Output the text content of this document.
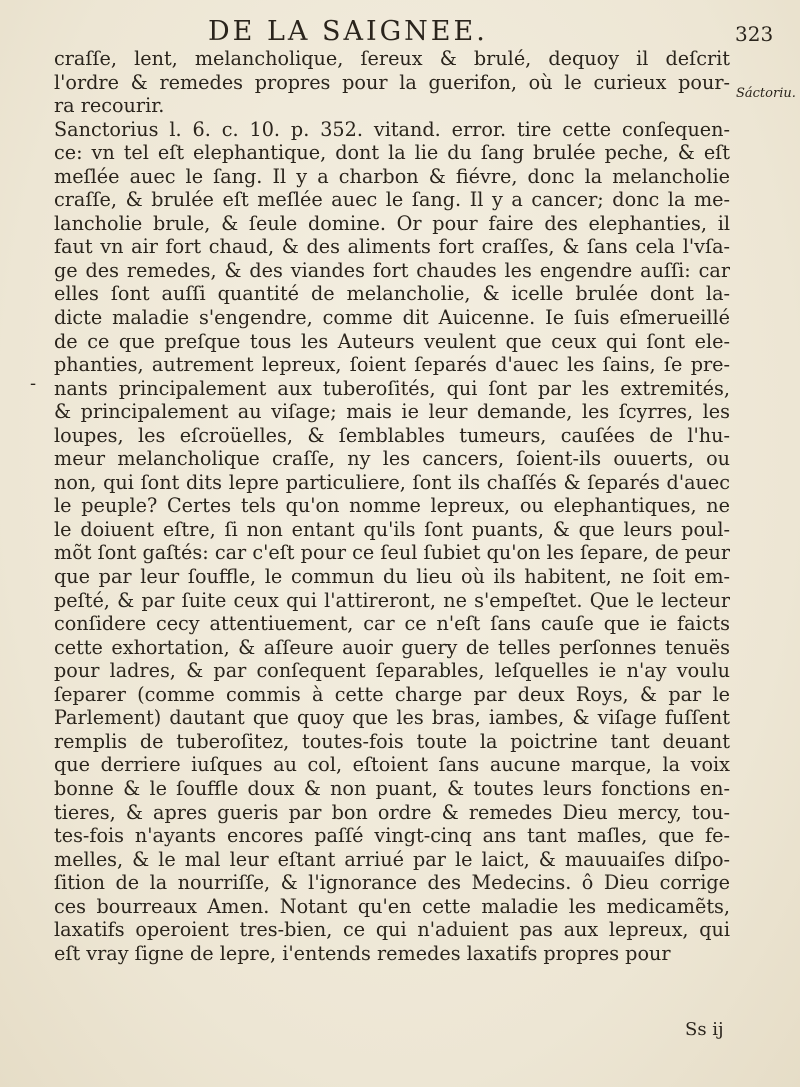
DE LA SAIGNEE.	323
Sáctoriu.
-
craſſe, lent, melancholique, ſereux & brulé, dequoy il deſcrit
l'ordre & remedes propres pour la guerifon, où le curieux pour-
ra recourir.
Sanctorius l. 6. c. 10. p. 352. vitand. error. tire cette conſequen-
ce: vn tel eſt elephantique, dont la lie du ſang brulée peche, & eſt
meſlée auec le ſang. Il y a charbon & fiévre, donc la melancholie
craſſe, & brulée eſt meſlée auec le ſang. Il y a cancer; donc la me-
lancholie brule, & ſeule domine. Or pour faire des elephanties, il
faut vn air fort chaud, & des aliments fort craſſes, & ſans cela l'vſa-
ge des remedes, & des viandes fort chaudes les engendre auſſi: car
elles ſont auſſi quantité de melancholie, & icelle brulée dont la-
dicte maladie s'engendre, comme dit Auicenne. Ie ſuis eſmerueillé
de ce que preſque tous les Auteurs veulent que ceux qui ſont ele-
phanties, autrement lepreux, ſoient ſeparés d'auec les ſains, ſe pre-
nants principalement aux tuberoſités, qui ſont par les extremités,
& principalement au viſage; mais ie leur demande, les ſcyrres, les
loupes, les eſcroüelles, & ſemblables tumeurs, cauſées de l'hu-
meur melancholique craſſe, ny les cancers, ſoient-ils ouuerts, ou
non, qui ſont dits lepre particuliere, ſont ils chaſſés & ſeparés d'auec
le peuple? Certes tels qu'on nomme lepreux, ou elephantiques, ne
le doiuent eſtre, ſi non entant qu'ils ſont puants, & que leurs poul-
mõt ſont gaſtés: car c'eſt pour ce ſeul ſubiet qu'on les ſepare, de peur
que par leur ſouffle, le commun du lieu où ils habitent, ne ſoit em-
peſté, & par ſuite ceux qui l'attireront, ne s'empeſtet. Que le lecteur
conſidere cecy attentiuement, car ce n'eſt ſans cauſe que ie faicts
cette exhortation, & aſſeure auoir guery de telles perſonnes tenuës
pour ladres, & par conſequent ſeparables, leſquelles ie n'ay voulu
ſeparer (comme commis à cette charge par deux Roys, & par le
Parlement) dautant que quoy que les bras, iambes, & viſage fuſſent
remplis de tuberoſitez, toutes-fois toute la poictrine tant deuant
que derriere iuſques au col, eſtoient ſans aucune marque, la voix
bonne & le ſouffle doux & non puant, & toutes leurs fonctions en-
tieres, & apres gueris par bon ordre & remedes Dieu mercy, tou-
tes-fois n'ayants encores paſſé vingt-cinq ans tant maſles, que fe-
melles, & le mal leur eſtant arriué par le laict, & mauuaiſes diſpo-
ſition de la nourriſſe, & l'ignorance des Medecins. ô Dieu corrige
ces bourreaux Amen. Notant qu'en cette maladie les medicamẽts,
laxatifs operoient tres-bien, ce qui n'aduient pas aux lepreux, qui
eſt vray ſigne de lepre, i'entends remedes laxatifs propres pour
Ss ij
